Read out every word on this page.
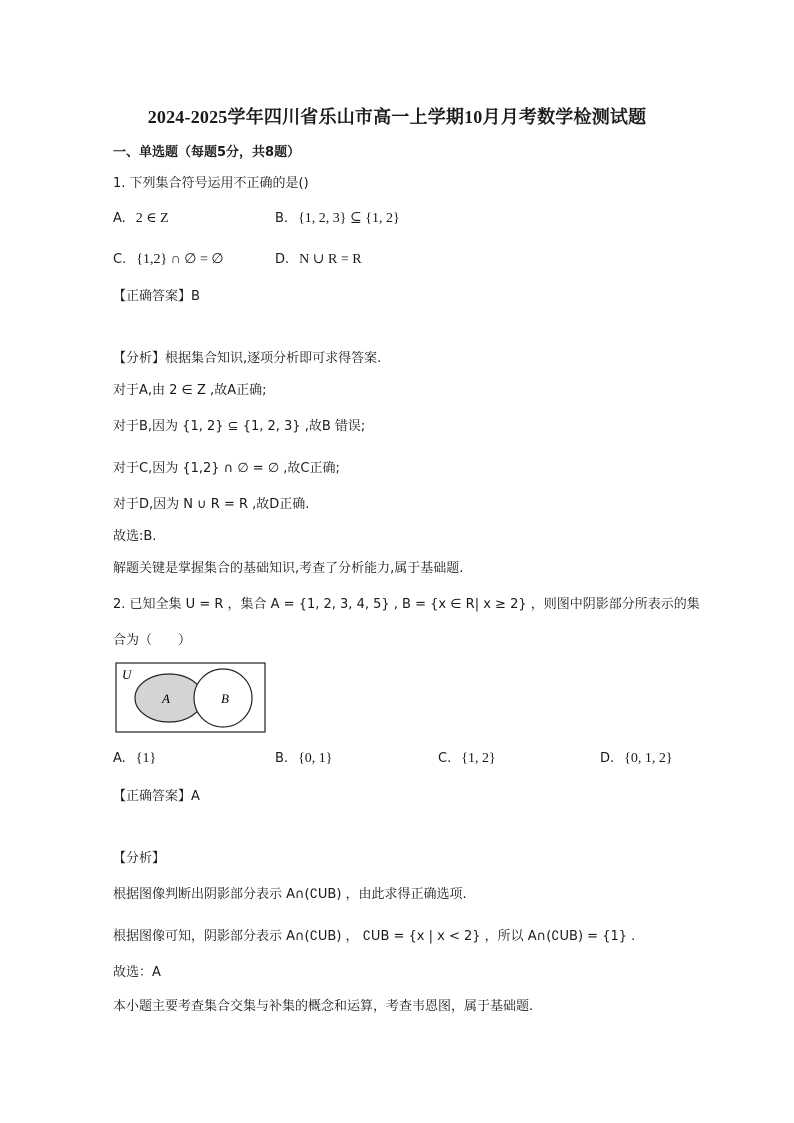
2024-2025学年四川省乐山市高一上学期10月月考数学检测试题
一、单选题（每题5分，共8题）
1. 下列集合符号运用不正确的是()
A. 2 ∈ Z	B. {1, 2, 3} ⊆ {1, 2}
C. {1,2} ∩ ∅ = ∅	D. N ∪ R = R
【正确答案】B
【分析】根据集合知识,逐项分析即可求得答案.
对于A,由 2 ∈ Z ,故A正确;
对于B,因为 {1, 2} ⊆ {1, 2, 3} ,故B 错误;
对于C,因为 {1,2} ∩ ∅ = ∅ ,故C正确;
对于D,因为 N ∪ R = R ,故D正确.
故选:B.
解题关键是掌握集合的基础知识,考查了分析能力,属于基础题.
2. 已知全集 U = R ，集合 A = {1, 2, 3, 4, 5} , B = {x ∈ R| x ≥ 2} ，则图中阴影部分所表示的集
合为（　　）
U
A	B
A. {1}	B. {0, 1}	C. {1, 2}	D. {0, 1, 2}
【正确答案】A
【分析】
根据图像判断出阴影部分表示 A∩(∁UB) ，由此求得正确选项.
根据图像可知，阴影部分表示 A∩(∁UB) ， ∁UB = {x | x < 2} ，所以 A∩(∁UB) = {1} .
故选：A
本小题主要考查集合交集与补集的概念和运算，考查韦恩图，属于基础题.
